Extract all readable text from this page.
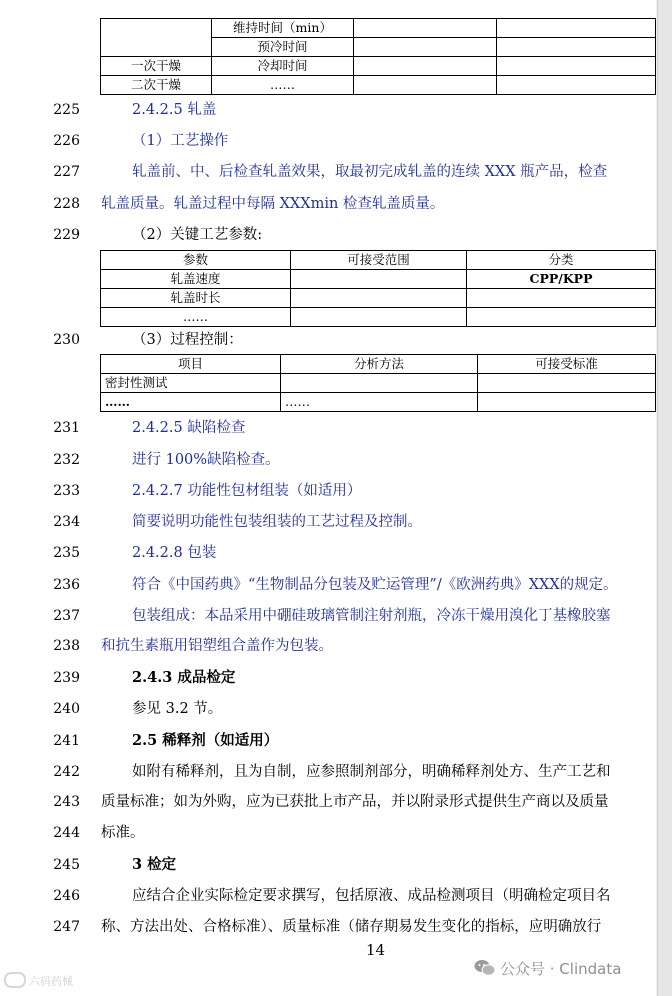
	维持时间（min）		
	预冷时间		
一次干燥	冷却时间		
二次干燥	……		
225	2.4.2.5 轧盖
226	（1）工艺操作
227	轧盖前、中、后检查轧盖效果，取最初完成轧盖的连续 XXX 瓶产品，检查
228 轧盖质量。轧盖过程中每隔 XXXmin 检查轧盖质量。
229	（2）关键工艺参数:
参数	可接受范围	分类
轧盖速度		CPP/KPP
轧盖时长		
……		
230	（3）过程控制：
项目	分析方法	可接受标准
密封性测试		
……	……	
231	2.4.2.5 缺陷检查
232	进行 100%缺陷检查。
233	2.4.2.7 功能性包材组装（如适用）
234	简要说明功能性包装组装的工艺过程及控制。
235	2.4.2.8 包装
236	符合《中国药典》“生物制品分包装及贮运管理”/《欧洲药典》XXX的规定。
237	包装组成：本品采用中硼硅玻璃管制注射剂瓶，冷冻干燥用溴化丁基橡胶塞
238 和抗生素瓶用铝塑组合盖作为包装。
239	2.4.3 成品检定
240	参见 3.2 节。
241	2.5 稀释剂（如适用）
242	如附有稀释剂，且为自制，应参照制剂部分，明确稀释剂处方、生产工艺和
243 质量标准；如为外购，应为已获批上市产品，并以附录形式提供生产商以及质量
244 标准。
245	3 检定
246	应结合企业实际检定要求撰写，包括原液、成品检测项目（明确检定项目名
247 称、方法出处、合格标准）、质量标准（储存期易发生变化的指标，应明确放行
14
公众号 · Clindata
六码药械
